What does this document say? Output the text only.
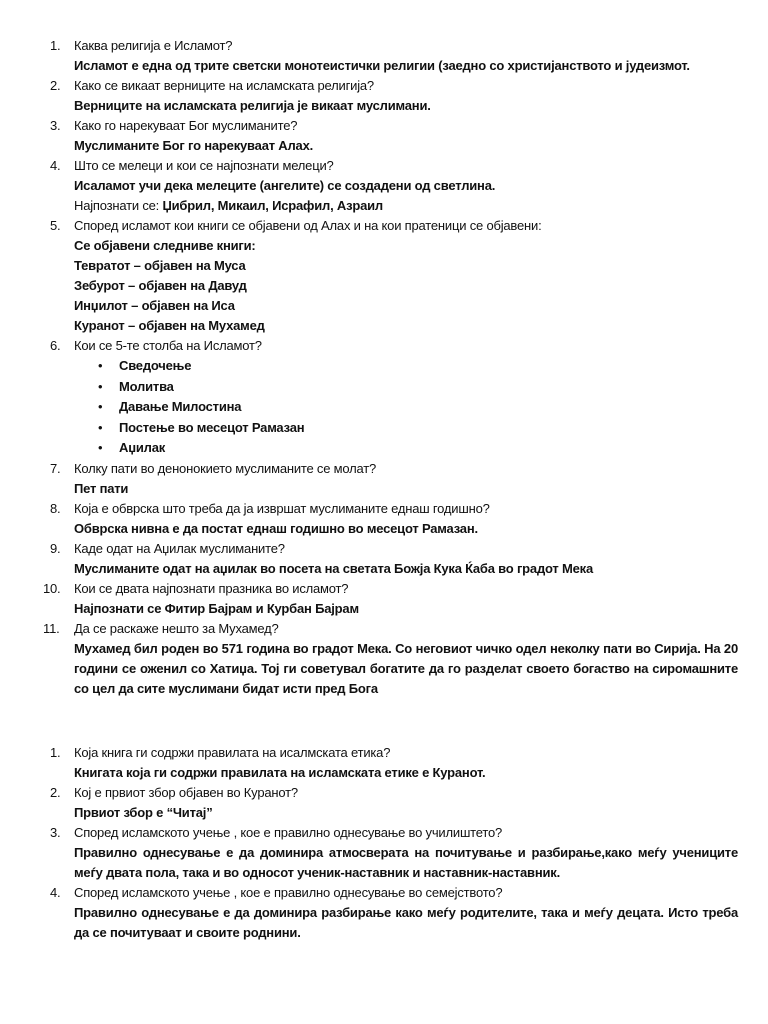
1. Каква религија е Исламот?
Исламот е една од трите светски монотеистички религии (заедно со христијанството и јудеизмот.
2. Како се викаат верниците на исламската религија?
Верниците на исламската религија је викаат муслимани.
3. Како го нарекуваат Бог муслиманите?
Муслиманите Бог го нарекуваат Алах.
4. Што се мелеци и кои се најпознати мелеци?
Исаламот учи дека мелеците (ангелите) се создадени од светлина.
Најпознати се: Џибрил, Микаил, Исрафил, Азраил
5. Според исламот кои книги се објавени од Алах и на кои пратеници се објавени:
Се објавени следниве книги:
Тевратот – објавен на Муса
Зебурот – објавен на Давуд
Инџилот – објавен на Иса
Куранот – објавен на Мухамед
6. Кои се 5-те столба на Исламот?
• Сведочење
• Молитва
• Давање Милостина
• Постење во месецот Рамазан
• Аџилак
7. Колку пати во денонокието муслиманите се молат?
Пет пати
8. Која е обврска што треба да ја извршат муслиманите еднаш годишно?
Обврска нивна е да постат еднаш годишно во месецот Рамазан.
9. Каде одат на Аџилак муслиманите?
Муслиманите одат на аџилак во посета на светата Божја Кука Ќаба во градот Мека
10. Кои се двата најпознати празника во исламот?
Најпознати се Фитир Бајрам и Курбан Бајрам
11. Да се раскаже нешто за Мухамед?
Мухамед бил роден во 571 година во градот Мека. Со неговиот чичко одел неколку пати во Сирија. На 20 години се оженил со Хатиџа. Тој ги советувал богатите да го разделат своето богаство на сиромашните со цел да сите муслимани бидат исти пред Бога
1. Која книга ги содржи правилата на исалмската етика?
Книгата која ги содржи правилата на исламската етике е Куранот.
2. Кој е првиот збор објавен во Куранот?
Првиот збор е “Читај”
3. Според исламското учење , кое е правилно однесување во училиштето?
Правилно однесување е да доминира атмосверата на почитување и разбирање,како меѓу учениците меѓу двата пола, така и во односот ученик-наставник и наставник-наставник.
4. Според исламското учење , кое е правилно однесување во семејството?
Правилно однесување е да доминира разбирање како меѓу родителите, така и меѓу децата. Исто треба да се почитуваат и своите роднини.
